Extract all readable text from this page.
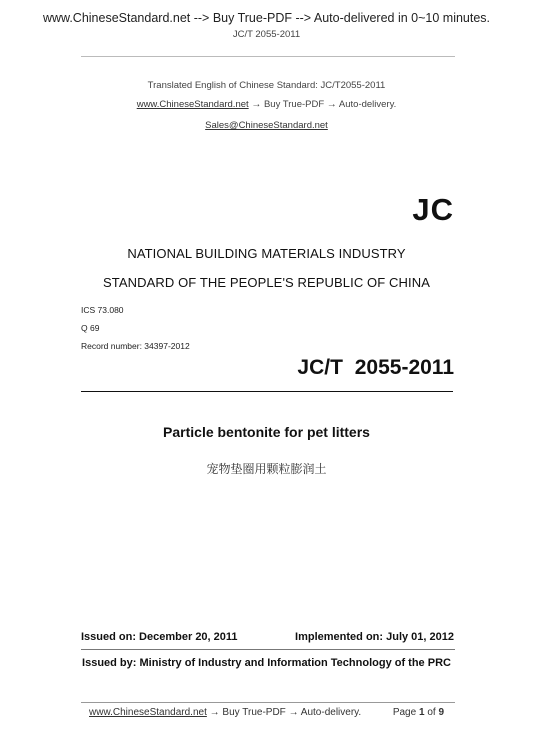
www.ChineseStandard.net --> Buy True-PDF --> Auto-delivered in 0~10 minutes.
JC/T 2055-2011
Translated English of Chinese Standard: JC/T2055-2011
www.ChineseStandard.net → Buy True-PDF → Auto-delivery.
Sales@ChineseStandard.net
JC
NATIONAL BUILDING MATERIALS INDUSTRY
STANDARD OF THE PEOPLE'S REPUBLIC OF CHINA
ICS 73.080
Q 69
Record number: 34397-2012
JC/T 2055-2011
Particle bentonite for pet litters
宠物垫圈用颗粒膨润土
Issued on: December 20, 2011	Implemented on: July 01, 2012
Issued by: Ministry of Industry and Information Technology of the PRC
www.ChineseStandard.net → Buy True-PDF → Auto-delivery.	Page 1 of 9
